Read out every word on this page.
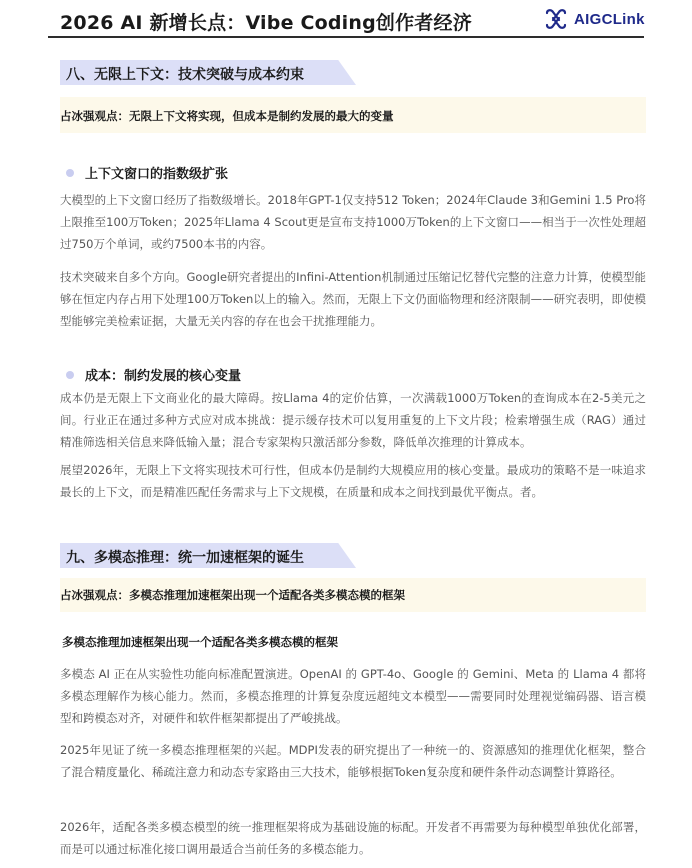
2026 AI 新增长点：Vibe Coding创作者经济	AIGCLink
八、无限上下文：技术突破与成本约束
占冰强观点：无限上下文将实现，但成本是制约发展的最大的变量
上下文窗口的指数级扩张
大模型的上下文窗口经历了指数级增长。2018年GPT-1仅支持512 Token；2024年Claude 3和Gemini 1.5 Pro将上限推至100万Token；2025年Llama 4 Scout更是宣布支持1000万Token的上下文窗口——相当于一次性处理超过750万个单词，或约7500本书的内容。
技术突破来自多个方向。Google研究者提出的Infini-Attention机制通过压缩记忆替代完整的注意力计算，使模型能够在恒定内存占用下处理100万Token以上的输入。然而，无限上下文仍面临物理和经济限制——研究表明，即使模型能够完美检索证据，大量无关内容的存在也会干扰推理能力。
成本：制约发展的核心变量
成本仍是无限上下文商业化的最大障碍。按Llama 4的定价估算，一次满载1000万Token的查询成本在2-5美元之间。行业正在通过多种方式应对成本挑战：提示缓存技术可以复用重复的上下文片段；检索增强生成（RAG）通过精准筛选相关信息来降低输入量；混合专家架构只激活部分参数，降低单次推理的计算成本。
展望2026年，无限上下文将实现技术可行性，但成本仍是制约大规模应用的核心变量。最成功的策略不是一味追求最长的上下文，而是精准匹配任务需求与上下文规模，在质量和成本之间找到最优平衡点。者。
九、多模态推理：统一加速框架的诞生
占冰强观点：多模态推理加速框架出现一个适配各类多模态模的框架
多模态推理加速框架出现一个适配各类多模态模的框架
多模态 AI 正在从实验性功能向标准配置演进。OpenAI 的 GPT-4o、Google 的 Gemini、Meta 的 Llama 4 都将多模态理解作为核心能力。然而，多模态推理的计算复杂度远超纯文本模型——需要同时处理视觉编码器、语言模型和跨模态对齐，对硬件和软件框架都提出了严峻挑战。
2025年见证了统一多模态推理框架的兴起。MDPI发表的研究提出了一种统一的、资源感知的推理优化框架，整合了混合精度量化、稀疏注意力和动态专家路由三大技术，能够根据Token复杂度和硬件条件动态调整计算路径。
2026年，适配各类多模态模型的统一推理框架将成为基础设施的标配。开发者不再需要为每种模型单独优化部署，而是可以通过标准化接口调用最适合当前任务的多模态能力。
